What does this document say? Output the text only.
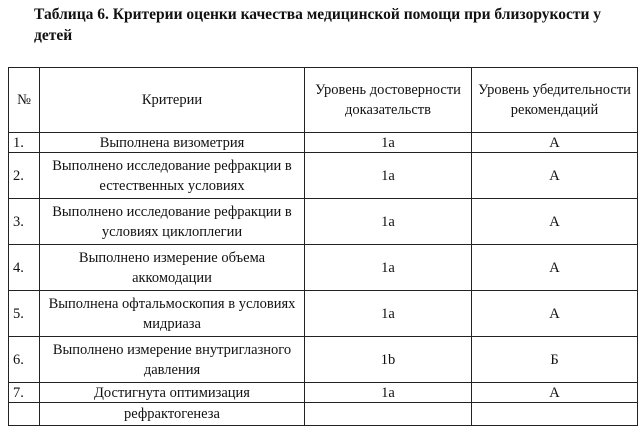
Таблица 6. Критерии оценки качества медицинской помощи при близорукости у детей

№	Критерии	Уровень достоверности доказательств	Уровень убедительности рекомендаций
1.	Выполнена визометрия	1a	A
2.	Выполнено исследование рефракции в естественных условиях	1a	A
3.	Выполнено исследование рефракции в условиях циклоплегии	1a	A
4.	Выполнено измерение объема аккомодации	1a	A
5.	Выполнена офтальмоскопия в условиях мидриаза	1a	A
6.	Выполнено измерение внутриглазного давления	1b	Б
7.	Достигнута оптимизация	1a	A
	рефрактогенеза		
